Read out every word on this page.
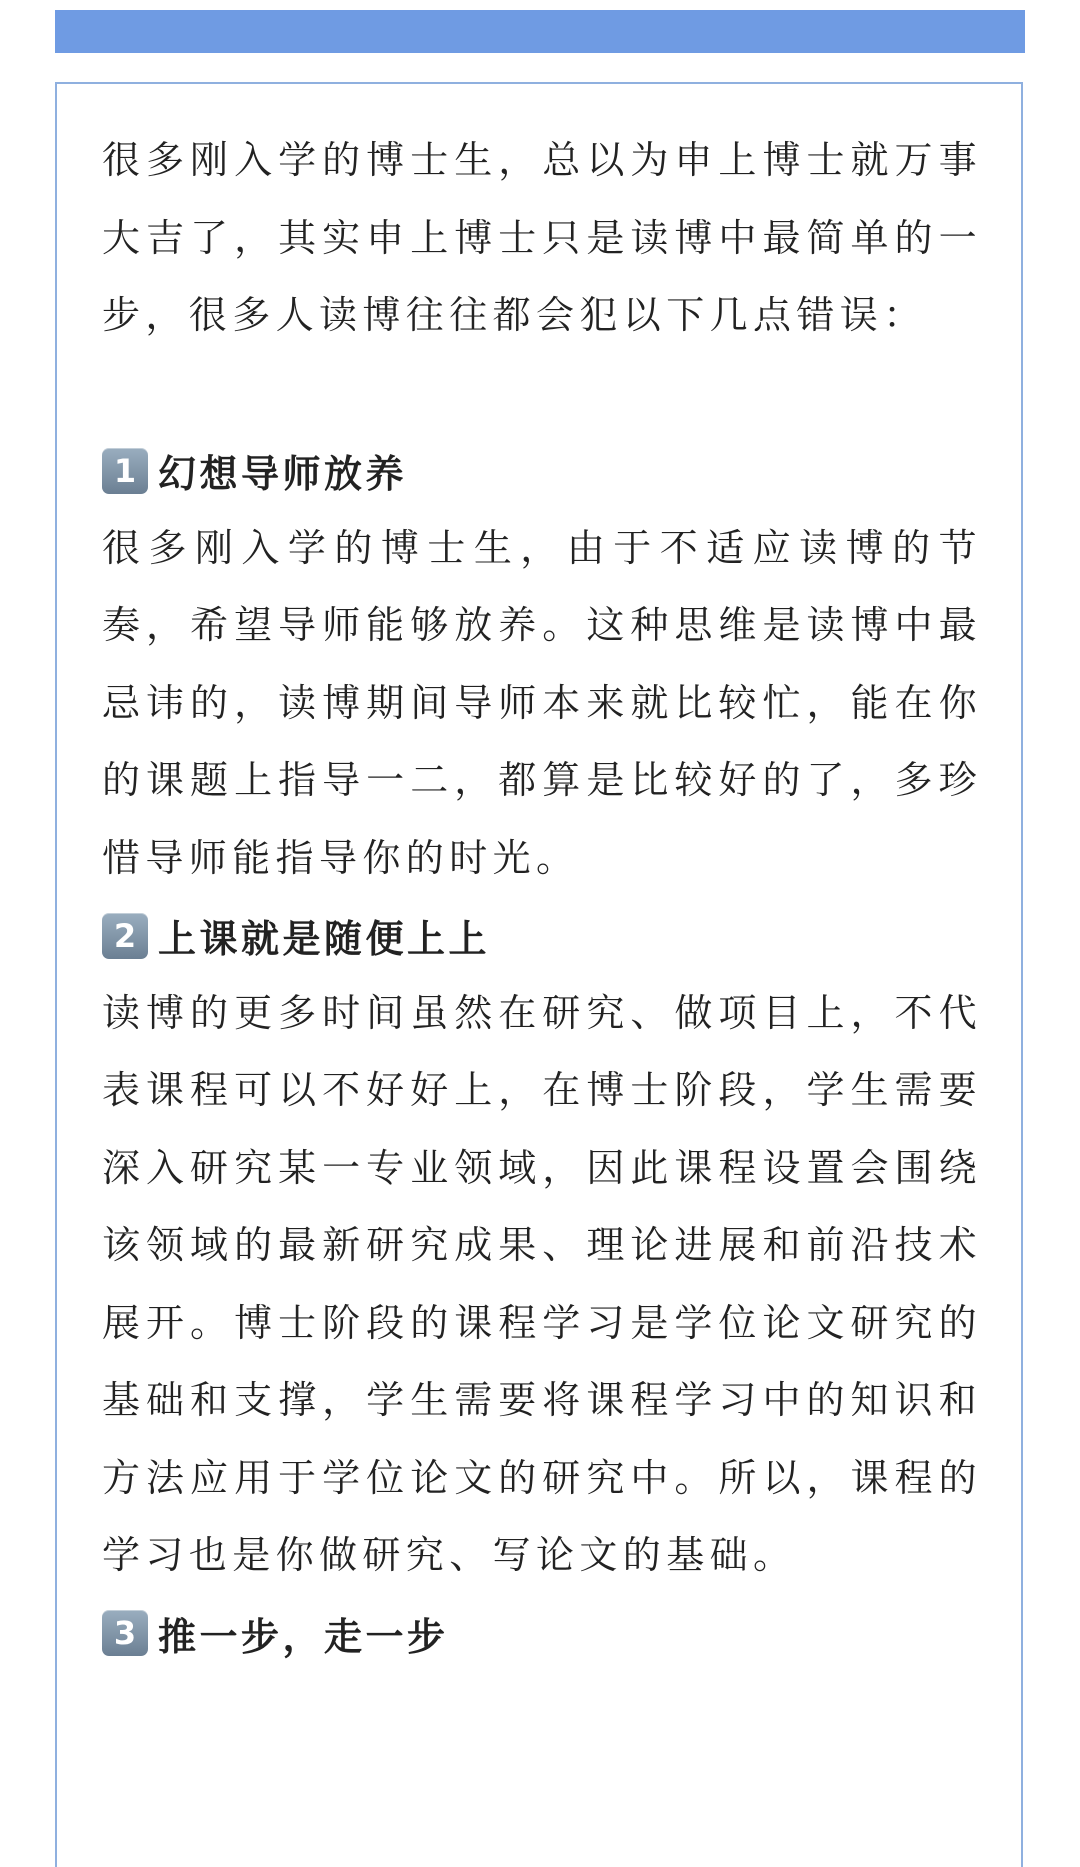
很多刚入学的博士生，总以为申上博士就万事大吉了，其实申上博士只是读博中最简单的一步，很多人读博往往都会犯以下几点错误：

1 幻想导师放养

很多刚入学的博士生，由于不适应读博的节奏，希望导师能够放养。这种思维是读博中最忌讳的，读博期间导师本来就比较忙，能在你的课题上指导一二，都算是比较好的了，多珍惜导师能指导你的时光。

2 上课就是随便上上

读博的更多时间虽然在研究、做项目上，不代表课程可以不好好上，在博士阶段，学生需要深入研究某一专业领域，因此课程设置会围绕该领域的最新研究成果、理论进展和前沿技术展开。博士阶段的课程学习是学位论文研究的基础和支撑，学生需要将课程学习中的知识和方法应用于学位论文的研究中。所以，课程的学习也是你做研究、写论文的基础。

3 推一步，走一步
